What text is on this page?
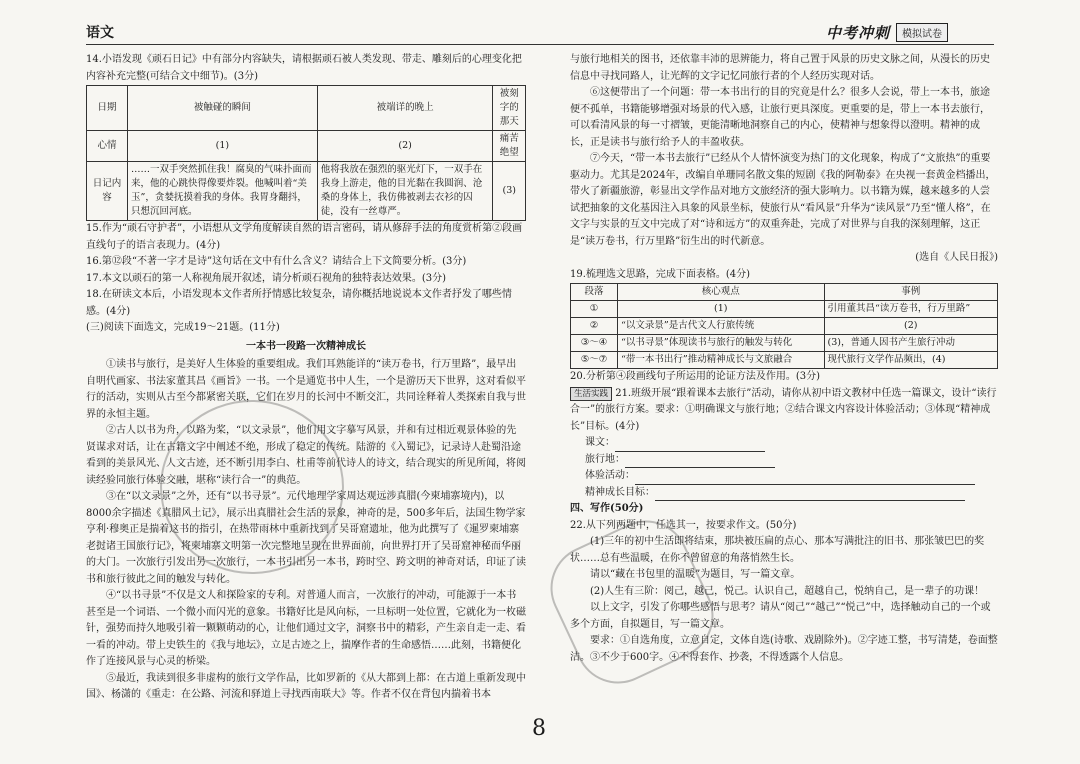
语文	中考冲刺	模拟试卷

14.小语发现《顽石日记》中有部分内容缺失，请根据顽石被人类发现、带走、雕刻后的心理变化把内容补充完整(可结合文中细节)。(3分)

日期	被触碰的瞬间	被端详的晚上	被刻字的那天
心情	(1)	(2)	痛苦绝望
日记内容	……一双手突然抓住我！腐臭的气味扑面而来，他的心跳快得像要炸裂。他喊叫着“美玉”，贪婪抚摸着我的身体。我胃身翻抖，只想沉回河底。	他将我放在强烈的驱光灯下，一双手在我身上游走，他的目光黏在我圆润、沧桑的身体上，我仿佛被剥去衣衫的囚徒，没有一丝尊严。	(3)

15.作为“顽石守护者”，小语想从文学角度解读自然的语言密码，请从修辞手法的角度赏析第②段画直线句子的语言表现力。(4分)

16.第⑫段“不著一字才是诗”这句话在文中有什么含义？请结合上下文简要分析。(3分)

17.本文以顽石的第一人称视角展开叙述，请分析顽石视角的独特表达效果。(3分)

18.在研读文本后，小语发现本文作者所抒情感比较复杂，请你概括地说说本文作者抒发了哪些情感。(4分)

(三)阅读下面选文，完成19～21题。(11分)

一本书一段路一次精神成长

①读书与旅行，是美好人生体验的重要组成。我们耳熟能详的“读万卷书，行万里路”，最早出自明代画家、书法家董其昌《画旨》一书。一个是通览书中人生，一个是游历天下世界，这对看似平行的活动，实则从古至今都紧密关联，它们在岁月的长河中不断交汇，共同诠释着人类探索自我与世界的永恒主题。

②古人以书为舟，以路为桨，“以文录景”，他们用文字摹写风景，并和有过相近观景体验的先贤谋求对话，让在古籍文字中阐述不绝，形成了稳定的传统。陆游的《入蜀记》，记录诗人赴蜀沿途看到的美景风光、人文古迹，还不断引用李白、杜甫等前代诗人的诗文，结合现实的所见所闻，将阅读经验同旅行体验交融，堪称“读行合一”的典范。

③在“以文录景”之外，还有“以书寻景”。元代地理学家周达观远涉真腊(今柬埔寨境内)，以8000余字描述《真腊风土记》，展示出真腊社会生活的景象，神奇的是，500多年后，法国生物学家亨利·穆奥正是揣着这书的指引，在热带雨林中重新找到了吴哥窟遗址，他为此撰写了《暹罗柬埔寨老挝诸王国旅行记》，将柬埔寨文明第一次完整地呈现在世界面前，向世界打开了吴哥窟神秘而华丽的大门。一次旅行引发出另一次旅行，一本书引出另一本书，跨时空、跨文明的神奇对话，印证了读书和旅行彼此之间的触发与转化。

④“以书寻景”不仅是文人和探险家的专利。对普通人而言，一次旅行的冲动，可能源于一本书甚至是一个词语、一个微小而闪光的意象。书籍好比是风向标，一旦标明一处位置，它就化为一枚磁针，强势而持久地吸引着一颗颗萌动的心，让他们通过文字，洞察书中的精彩，产生亲自走一走、看一看的冲动。带上史铁生的《我与地坛》，立足古迹之上，揣摩作者的生命感悟……此刻，书籍便化作了连接风景与心灵的桥梁。

⑤最近，我读到很多非虚构的旅行文学作品，比如罗新的《从大都到上都：在古道上重新发现中国》、杨潇的《重走：在公路、河流和驿道上寻找西南联大》等。作者不仅在背包内揣着书本

与旅行地相关的图书，还依靠丰沛的思辨能力，将自己置于风景的历史文脉之间，从漫长的历史信息中寻找同路人，让光辉的文字记忆同旅行者的个人经历实现对话。

⑥这便带出了一个问题：带一本书出行的目的究竟是什么？很多人会说，带上一本书，旅途便不孤单，书籍能够增强对场景的代入感，让旅行更具深度。更重要的是，带上一本书去旅行，可以看清风景的每一寸褶皱，更能清晰地洞察自己的内心，使精神与想象得以澄明。精神的成长，正是读书与旅行给予人的丰盈收获。

⑦今天，“带一本书去旅行”已经从个人情怀演变为热门的文化现象，构成了“文旅热”的重要驱动力。尤其是2024年，改编自单珊同名散文集的短剧《我的阿勒泰》在央视一套黄金档播出，带火了新疆旅游，彰显出文学作品对地方文旅经济的强大影响力。以书籍为媒，越来越多的人尝试把抽象的文化基因注入具象的风景坐标，使旅行从“看风景”升华为“读风景”乃至“懂人格”，在文字与实景的互文中完成了对“诗和远方”的双重奔赴，完成了对世界与自我的深刻理解，这正是“读万卷书，行万里路”衍生出的时代新意。

(选自《人民日报》)

19.梳理选文思路，完成下面表格。(4分)

段落	核心观点	事例
①	(1)	引用董其昌“读万卷书，行万里路”
②	“以文录景”是古代文人行旅传统	(2)
③～④	“以书寻景”体现读书与旅行的触发与转化	(3)，普通人因书产生旅行冲动
⑤～⑦	“带一本书出行”推动精神成长与文旅融合	现代旅行文学作品频出，(4)

20.分析第④段画线句子所运用的论证方法及作用。(3分)

生活实践 21.班级开展“跟着课本去旅行”活动，请你从初中语文教材中任选一篇课文，设计“读行合一”的旅行方案。要求：①明确课文与旅行地；②结合课文内容设计体验活动；③体现“精神成长”目标。(4分)

课文：

旅行地：

体验活动：

精神成长目标：

四、写作(50分)

22.从下列两题中，任选其一，按要求作文。(50分)

(1)三年的初中生活即将结束，那块被压扁的点心、那本写满批注的旧书、那张皱巴巴的奖状……总有些温暖，在你不曾留意的角落悄然生长。

请以“藏在书包里的温暖”为题目，写一篇文章。

(2)人生有三阶：阅己，越己，悦己。认识自己，超越自己，悦纳自己，是一辈子的功课！

以上文字，引发了你哪些感悟与思考？请从“阅己”“越己”“悦己”中，选择触动自己的一个或多个方面，自拟题目，写一篇文章。

要求：①自选角度，立意自定，文体自选(诗歌、戏剧除外)。②字迹工整，书写清楚，卷面整洁。③不少于600字。④不得套作、抄袭，不得透露个人信息。

8
